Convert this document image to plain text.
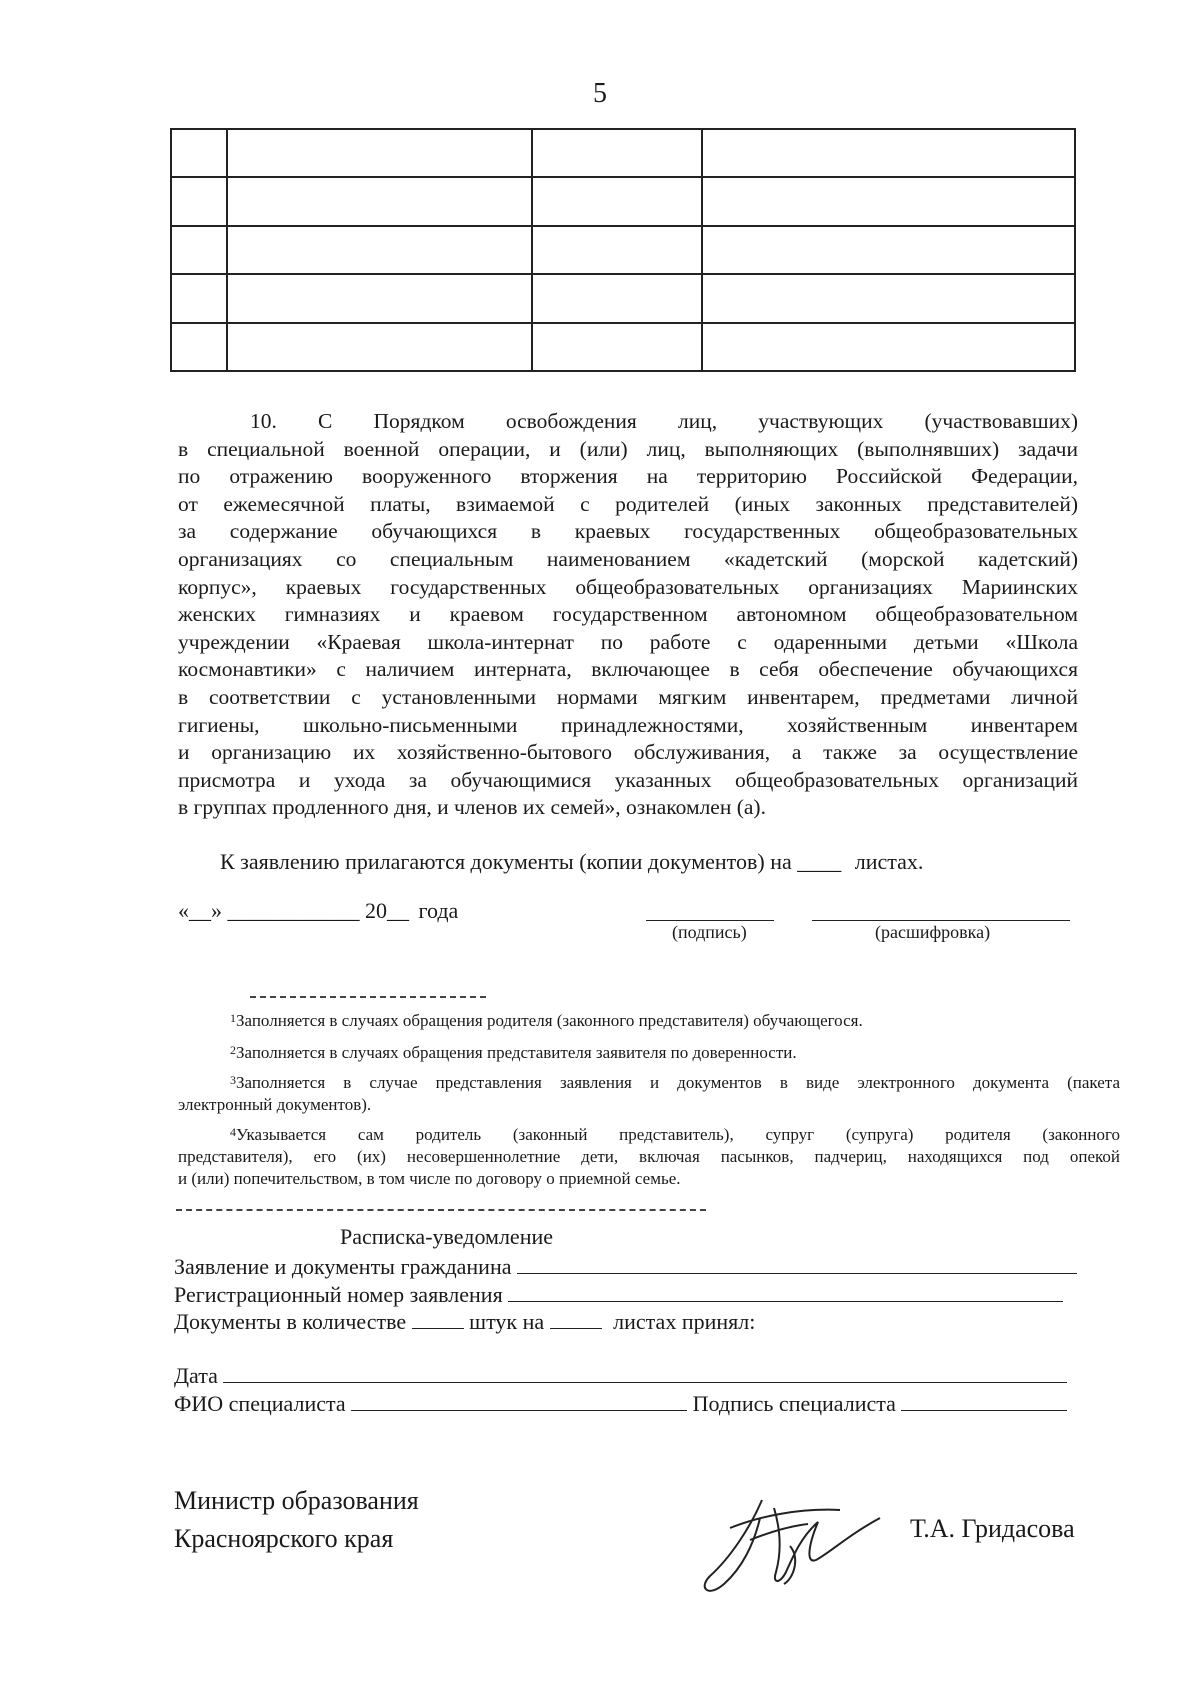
5

10. С Порядком освобождения лиц, участвующих (участвовавших)
в специальной военной операции, и (или) лиц, выполняющих (выполнявших) задачи
по отражению вооруженного вторжения на территорию Российской Федерации,
от ежемесячной платы, взимаемой с родителей (иных законных представителей)
за содержание обучающихся в краевых государственных общеобразовательных
организациях со специальным наименованием «кадетский (морской кадетский)
корпус», краевых государственных общеобразовательных организациях Мариинских
женских гимназиях и краевом государственном автономном общеобразовательном
учреждении «Краевая школа-интернат по работе с одаренными детьми «Школа
космонавтики» с наличием интерната, включающее в себя обеспечение обучающихся
в соответствии с установленными нормами мягким инвентарем, предметами личной
гигиены, школьно-письменными принадлежностями, хозяйственным инвентарем
и организацию их хозяйственно-бытового обслуживания, а также за осуществление
присмотра и ухода за обучающимися указанных общеобразовательных организаций
в группах продленного дня, и членов их семей», ознакомлен (а).
К заявлению прилагаются документы (копии документов) на ____ листах.
«__» ____________ 20__ года
(подпись)	(расшифровка)
$^1$Заполняется в случаях обращения родителя (законного представителя) обучающегося.
$^2$Заполняется в случаях обращения представителя заявителя по доверенности.
$^3$Заполняется в случае представления заявления и документов в виде электронного документа (пакета
электронный документов).
$^4$Указывается сам родитель (законный представитель), супруг (супруга) родителя (законного
представителя), его (их) несовершеннолетние дети, включая пасынков, падчериц, находящихся под опекой
и (или) попечительством, в том числе по договору о приемной семье.
Расписка-уведомление
Заявление и документы гражданина
Регистрационный номер заявления
Документы в количестве	штук на	листах принял:
Дата
ФИО специалиста	Подпись специалиста
Министр образования
Красноярского края	Т.А. Гридасова
